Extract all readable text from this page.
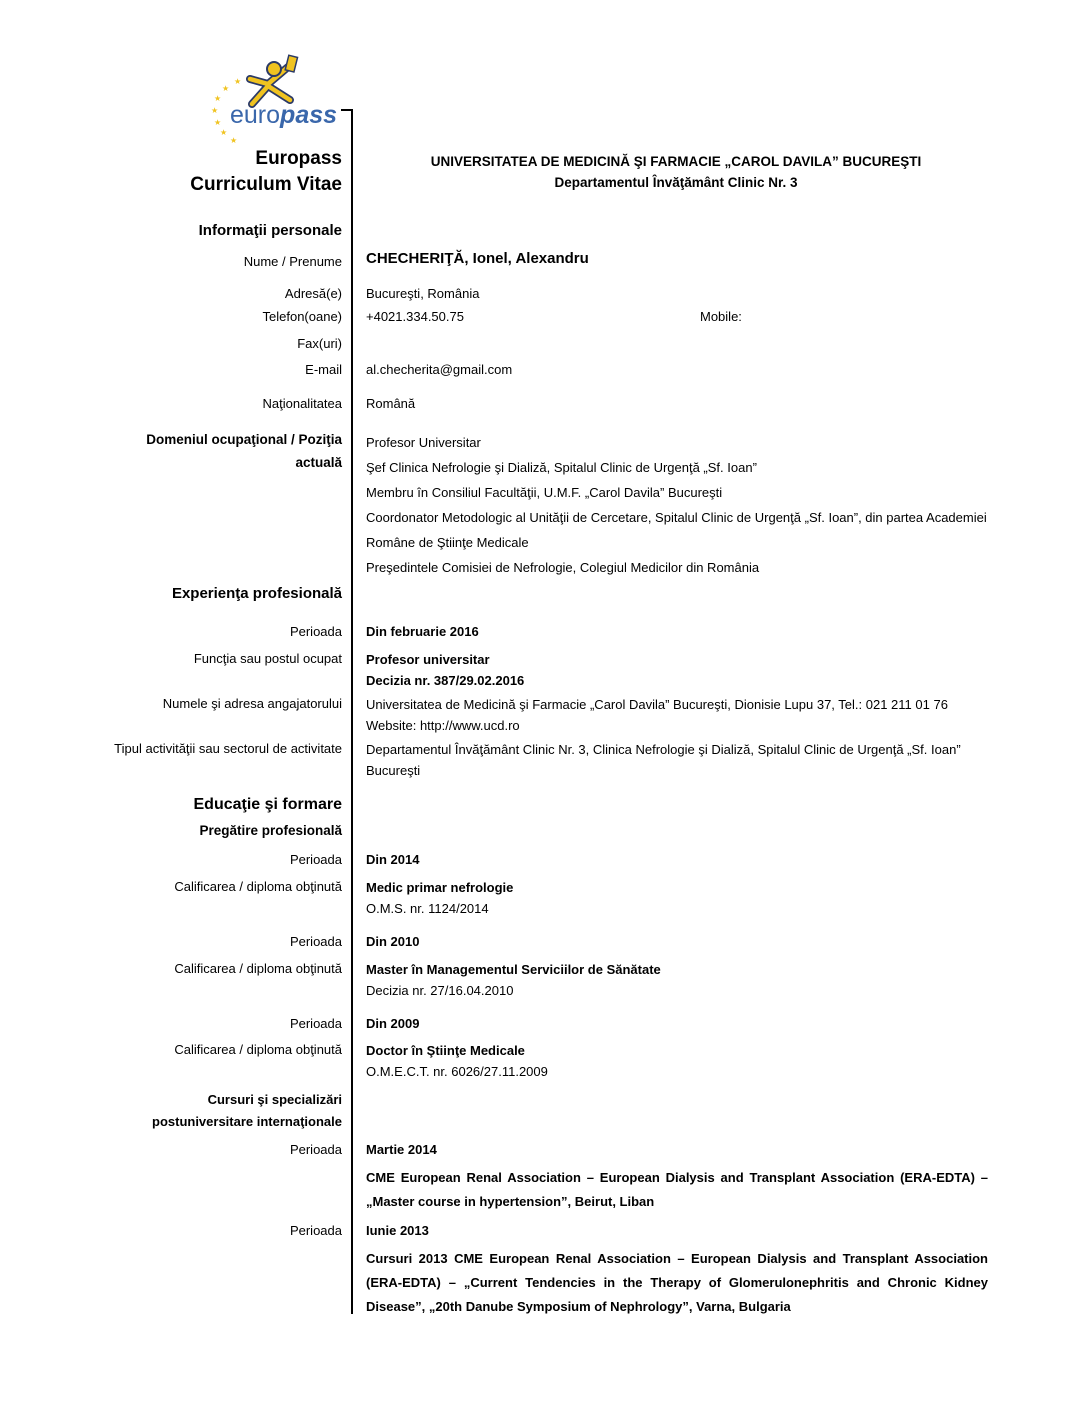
★
★
★
★
★
★
★
europass
Europass
Curriculum Vitae
UNIVERSITATEA DE MEDICINĂ ŞI FARMACIE „CAROL DAVILA” BUCUREŞTI
Departamentul Învăţământ Clinic Nr. 3
Informaţii personale
Nume / Prenume CHECHERIŢĂ, Ionel, Alexandru
Adresă(e) Bucureşti, România
Telefon(oane) +4021.334.50.75	Mobile:
Fax(uri)
E-mail al.checherita@gmail.com
Naţionalitatea Română
Domeniul ocupaţional / Poziţia
actuală
Profesor Universitar
Şef Clinica Nefrologie şi Dializă, Spitalul Clinic de Urgenţă „Sf. Ioan”
Membru în Consiliul Facultăţii, U.M.F. „Carol Davila” Bucureşti
Coordonator Metodologic al Unităţii de Cercetare, Spitalul Clinic de Urgenţă „Sf. Ioan”, din partea Academiei Române de Ştiinţe Medicale
Preşedintele Comisiei de Nefrologie, Colegiul Medicilor din România
Experienţa profesională
Perioada Din februarie 2016
Funcţia sau postul ocupat Profesor universitar
Decizia nr. 387/29.02.2016
Numele şi adresa angajatorului Universitatea de Medicină şi Farmacie „Carol Davila” Bucureşti, Dionisie Lupu 37, Tel.: 021 211 01 76
Website: http://www.ucd.ro
Tipul activităţii sau sectorul de activitate Departamentul Învăţământ Clinic Nr. 3, Clinica Nefrologie şi Dializă, Spitalul Clinic de Urgenţă „Sf. Ioan” Bucureşti
Educaţie şi formare
Pregătire profesională
Perioada Din 2014
Calificarea / diploma obţinută Medic primar nefrologie
O.M.S. nr. 1124/2014
Perioada Din 2010
Calificarea / diploma obţinută Master în Managementul Serviciilor de Sănătate
Decizia nr. 27/16.04.2010
Perioada Din 2009
Calificarea / diploma obţinută Doctor în Ştiinţe Medicale
O.M.E.C.T. nr. 6026/27.11.2009
Cursuri şi specializări
postuniversitare internaţionale
Perioada Martie 2014
CME European Renal Association – European Dialysis and Transplant Association (ERA-EDTA) – „Master course in hypertension”, Beirut, Liban
Perioada Iunie 2013
Cursuri 2013 CME European Renal Association – European Dialysis and Transplant Association (ERA-EDTA) – „Current Tendencies in the Therapy of Glomerulonephritis and Chronic Kidney Disease”, „20th Danube Symposium of Nephrology”, Varna, Bulgaria
